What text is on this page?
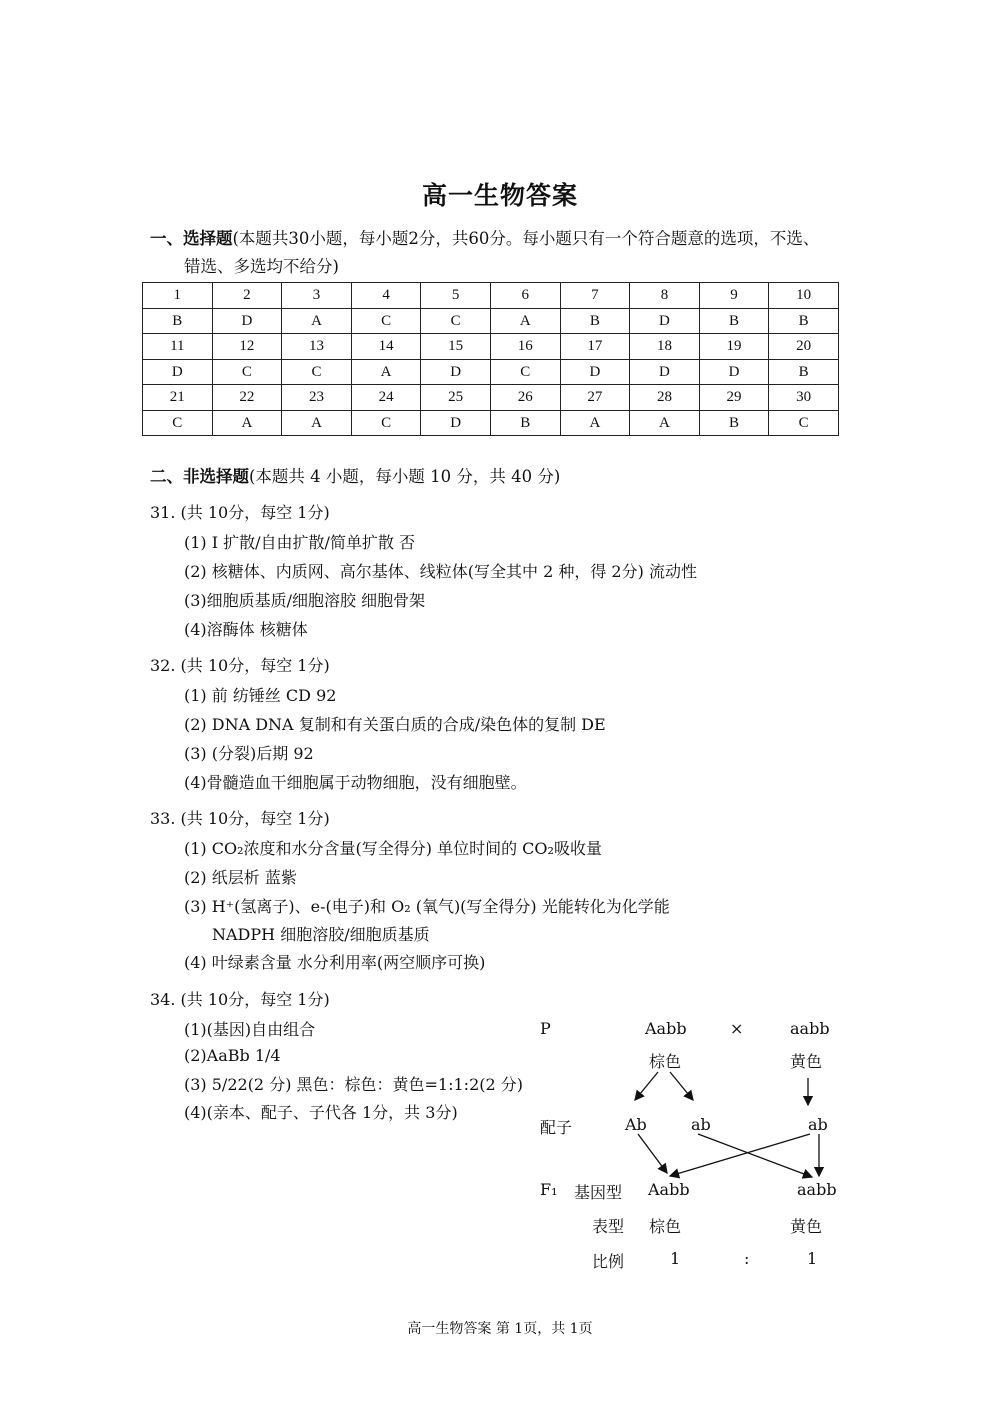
高一生物答案
一、选择题(本题共30小题，每小题2分，共60分。每小题只有一个符合题意的选项，不选、
错选、多选均不给分)
1	2	3	4	5	6	7	8	9	10
B	D	A	C	C	A	B	D	B	B
11	12	13	14	15	16	17	18	19	20
D	C	C	A	D	C	D	D	D	B
21	22	23	24	25	26	27	28	29	30
C	A	A	C	D	B	A	A	B	C
二、非选择题(本题共 4 小题，每小题 10 分，共 40 分)
31. (共 10分，每空 1分)
(1) Ⅰ 扩散/自由扩散/简单扩散 否
(2) 核糖体、内质网、高尔基体、线粒体(写全其中 2 种，得 2分) 流动性
(3)细胞质基质/细胞溶胶 细胞骨架
(4)溶酶体 核糖体
32. (共 10分，每空 1分)
(1) 前 纺锤丝 CD 92
(2) DNA DNA 复制和有关蛋白质的合成/染色体的复制 DE
(3) (分裂)后期 92
(4)骨髓造血干细胞属于动物细胞，没有细胞壁。
33. (共 10分，每空 1分)
(1) CO₂浓度和水分含量(写全得分) 单位时间的 CO₂吸收量
(2) 纸层析 蓝紫
(3) H⁺(氢离子)、e-(电子)和 O₂ (氧气)(写全得分) 光能转化为化学能
NADPH 细胞溶胶/细胞质基质
(4) 叶绿素含量 水分利用率(两空顺序可换)
34. (共 10分，每空 1分)
(1)(基因)自由组合
(2)AaBb 1/4
(3) 5/22(2 分) 黑色：棕色：黄色=1:1:2(2 分)
(4)(亲本、配子、子代各 1分，共 3分)
P	Aabb	×	aabb
棕色	黄色
配子	Ab	ab	ab
F₁ 基因型 Aabb	aabb
表型 棕色	黄色
比例	1	:	1
高一生物答案 第 1页，共 1页
